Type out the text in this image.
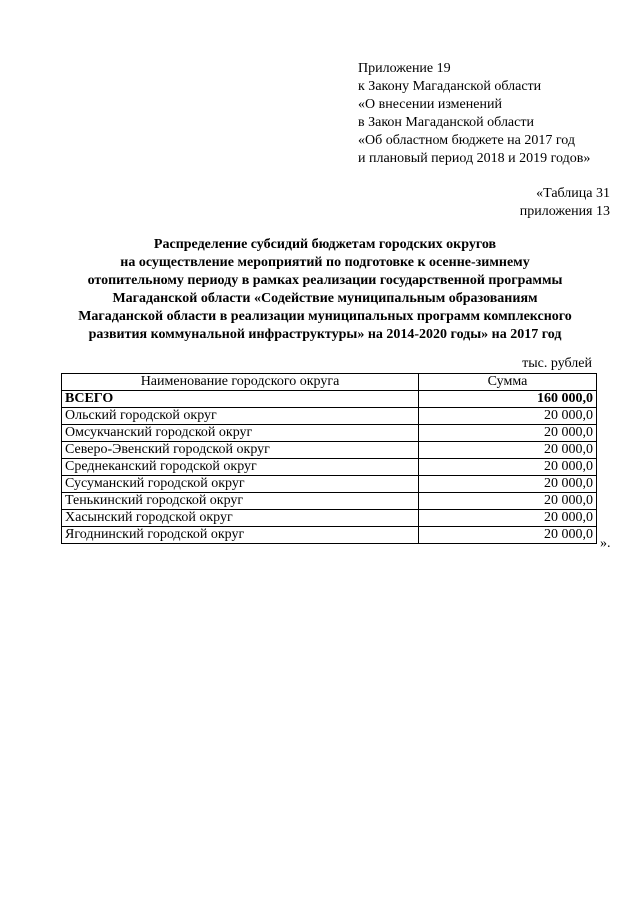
Приложение 19
к Закону Магаданской области
«О внесении изменений
в Закон Магаданской области
«Об областном бюджете на 2017 год
и плановый период 2018 и 2019 годов»
«Таблица 31
приложения 13
Распределение субсидий бюджетам городских округов
на осуществление мероприятий по подготовке к осенне-зимнему
отопительному периоду в рамках реализации государственной программы
Магаданской области «Содействие муниципальным образованиям
Магаданской области в реализации муниципальных программ комплексного
развития коммунальной инфраструктуры» на 2014-2020 годы» на 2017 год
тыс. рублей
Наименование городского округа	Сумма
ВСЕГО	160 000,0
Ольский городской округ	20 000,0
Омсукчанский городской округ	20 000,0
Северо-Эвенский городской округ	20 000,0
Среднеканский городской округ	20 000,0
Сусуманский городской округ	20 000,0
Тенькинский городской округ	20 000,0
Хасынский городской округ	20 000,0
Ягоднинский городской округ	20 000,0
».
